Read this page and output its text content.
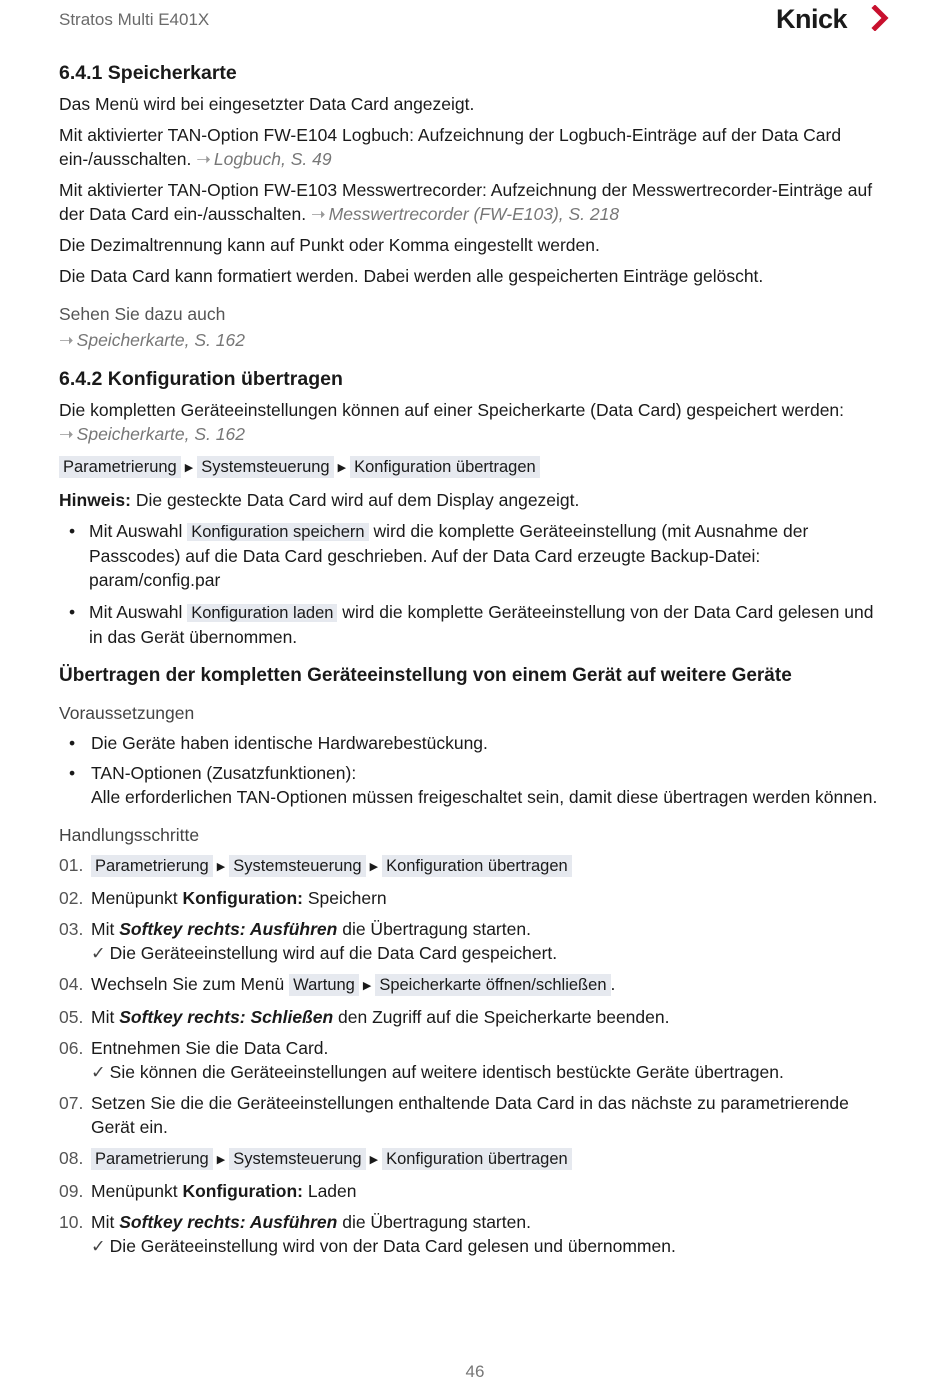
Stratos Multi E401X	Knick
6.4.1 Speicherkarte

Das Menü wird bei eingesetzter Data Card angezeigt.

Mit aktivierter TAN-Option FW-E104 Logbuch: Aufzeichnung der Logbuch-Einträge auf der Data Card ein-/ausschalten. ➝ Logbuch, S. 49

Mit aktivierter TAN-Option FW-E103 Messwertrecorder: Aufzeichnung der Messwertrecorder-Einträge auf der Data Card ein-/ausschalten. ➝ Messwertrecorder (FW-E103), S. 218

Die Dezimaltrennung kann auf Punkt oder Komma eingestellt werden.

Die Data Card kann formatiert werden. Dabei werden alle gespeicherten Einträge gelöscht.

Sehen Sie dazu auch

➝ Speicherkarte, S. 162

6.4.2 Konfiguration übertragen

Die kompletten Geräteeinstellungen können auf einer Speicherkarte (Data Card) gespeichert werden: ➝ Speicherkarte, S. 162

Parametrierung ▶ Systemsteuerung ▶ Konfiguration übertragen

Hinweis: Die gesteckte Data Card wird auf dem Display angezeigt.

• Mit Auswahl Konfiguration speichern wird die komplette Geräteeinstellung (mit Ausnahme der Passcodes) auf die Data Card geschrieben. Auf der Data Card erzeugte Backup-Datei: param/config.par
• Mit Auswahl Konfiguration laden wird die komplette Geräteeinstellung von der Data Card gelesen und in das Gerät übernommen.
Übertragen der kompletten Geräteeinstellung von einem Gerät auf weitere Geräte

Voraussetzungen

• Die Geräte haben identische Hardwarebestückung.
• TAN-Optionen (Zusatzfunktionen):
Alle erforderlichen TAN-Optionen müssen freigeschaltet sein, damit diese übertragen werden können.

Handlungsschritte

01. Parametrierung ▶ Systemsteuerung ▶ Konfiguration übertragen
02. Menüpunkt Konfiguration: Speichern
03. Mit Softkey rechts: Ausführen die Übertragung starten.
✓ Die Geräteeinstellung wird auf die Data Card gespeichert.
04. Wechseln Sie zum Menü Wartung ▶ Speicherkarte öffnen/schließen .
05. Mit Softkey rechts: Schließen den Zugriff auf die Speicherkarte beenden.
06. Entnehmen Sie die Data Card.
✓ Sie können die Geräteeinstellungen auf weitere identisch bestückte Geräte übertragen.
07. Setzen Sie die die Geräteeinstellungen enthaltende Data Card in das nächste zu parametrierende Gerät ein.
08. Parametrierung ▶ Systemsteuerung ▶ Konfiguration übertragen
09. Menüpunkt Konfiguration: Laden
10. Mit Softkey rechts: Ausführen die Übertragung starten.
✓ Die Geräteeinstellung wird von der Data Card gelesen und übernommen.
46
